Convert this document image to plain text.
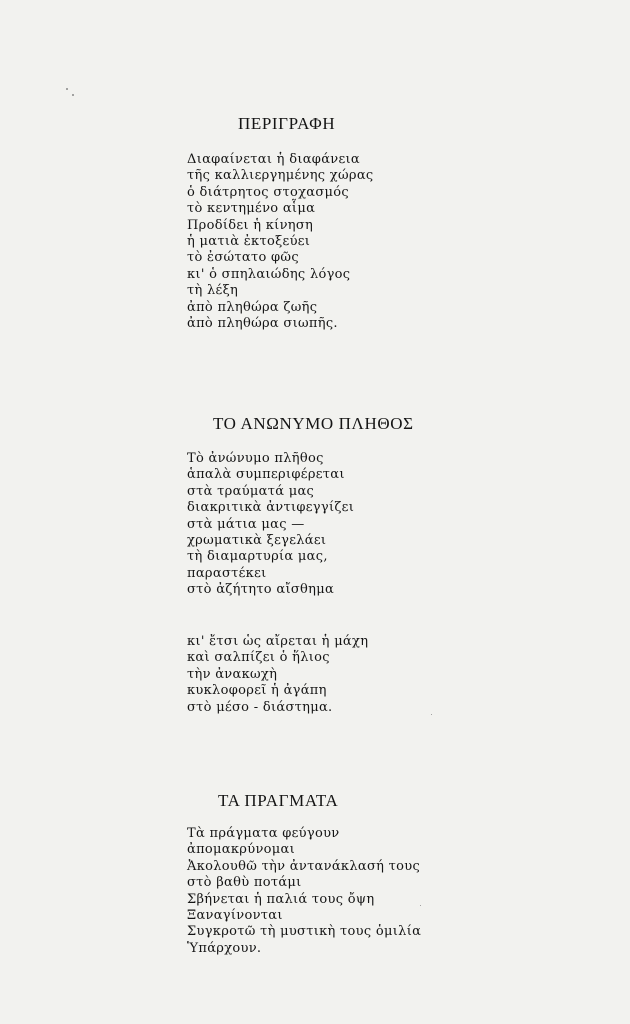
ΠΕΡΙΓΡΑΦΗ
Διαφαίνεται ἡ διαφάνεια
τῆς καλλιεργημένης χώρας
ὁ διάτρητος στοχασμός
τὸ κεντημένο αἷμα
Προδίδει ἡ κίνηση
ἡ ματιὰ ἐκτοξεύει
τὸ ἐσώτατο φῶς
κι' ὁ σπηλαιώδης λόγος
τὴ λέξη
ἀπὸ πληθώρα ζωῆς
ἀπὸ πληθώρα σιωπῆς.
ΤΟ ΑΝΩΝΥΜΟ ΠΛΗΘΟΣ
Τὸ ἀνώνυμο πλῆθος
ἁπαλὰ συμπεριφέρεται
στὰ τραύματά μας
διακριτικὰ ἀντιφεγγίζει
στὰ μάτια μας —
χρωματικὰ ξεγελάει
τὴ διαμαρτυρία μας,
παραστέκει
στὸ ἀζήτητο αἴσθημα
κι' ἔτσι ὡς αἴρεται ἡ μάχη
καὶ σαλπίζει ὁ ἥλιος
τὴν ἀνακωχὴ
κυκλοφορεῖ ἡ ἀγάπη
στὸ μέσο - διάστημα.
ΤΑ ΠΡΑΓΜΑΤΑ
Τὰ πράγματα φεύγουν
ἀπομακρύνομαι
Ἀκολουθῶ τὴν ἀντανάκλασή τους
στὸ βαθὺ ποτάμι
Σβήνεται ἡ παλιά τους ὄψη
Ξαναγίνονται
Συγκροτῶ τὴ μυστικὴ τους ὁμιλία
Ὑπάρχουν.
